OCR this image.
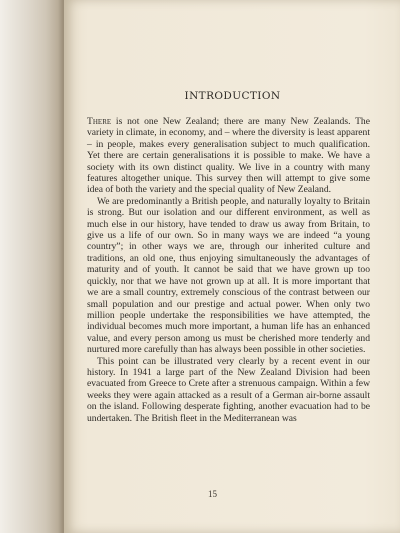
INTRODUCTION

There is not one New Zealand; there are many New Zealands. The variety in climate, in economy, and – where the diversity is least apparent – in people, makes every generalisation subject to much qualification. Yet there are certain generalisations it is possible to make. We have a society with its own distinct quality. We live in a country with many features altogether unique. This survey then will attempt to give some idea of both the variety and the special quality of New Zealand.

We are predominantly a British people, and naturally loyalty to Britain is strong. But our isolation and our different environment, as well as much else in our history, have tended to draw us away from Britain, to give us a life of our own. So in many ways we are indeed “a young country”; in other ways we are, through our inherited culture and traditions, an old one, thus enjoying simultaneously the advantages of maturity and of youth. It cannot be said that we have grown up too quickly, nor that we have not grown up at all. It is more important that we are a small country, extremely conscious of the contrast between our small population and our prestige and actual power. When only two million people undertake the responsibilities we have attempted, the individual becomes much more important, a human life has an enhanced value, and every person among us must be cherished more tenderly and nurtured more carefully than has always been possible in other societies.

This point can be illustrated very clearly by a recent event in our history. In 1941 a large part of the New Zealand Division had been evacuated from Greece to Crete after a strenuous campaign. Within a few weeks they were again attacked as a result of a German air-borne assault on the island. Following desperate fighting, another evacuation had to be undertaken. The British fleet in the Mediterranean was

15
